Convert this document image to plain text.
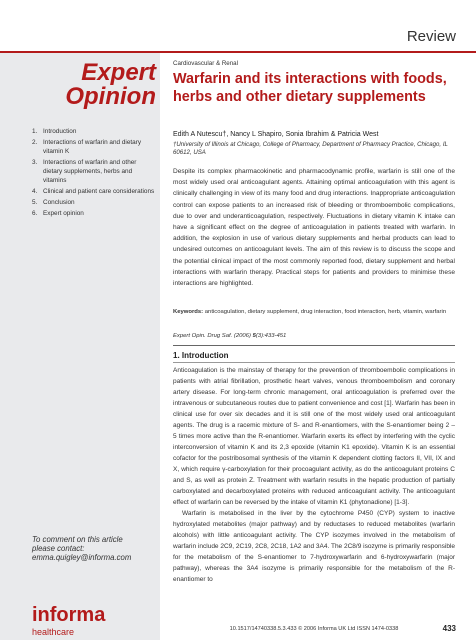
Review
Expert
Opinion
1. Introduction
2. Interactions of warfarin and dietary vitamin K
3. Interactions of warfarin and other dietary supplements, herbs and vitamins
4. Clinical and patient care considerations
5. Conclusion
6. Expert opinion
To comment on this article
please contact:
emma.quigley@informa.com
informa
healthcare
Cardiovascular & Renal
Warfarin and its interactions with foods, herbs and other dietary supplements
Edith A Nutescu†, Nancy L Shapiro, Sonia Ibrahim & Patricia West
†University of Illinois at Chicago, College of Pharmacy, Department of Pharmacy Practice, Chicago, IL 60612, USA

Despite its complex pharmacokinetic and pharmacodynamic profile, warfarin is still one of the most widely used oral anticoagulant agents. Attaining optimal anticoagulation with this agent is clinically challenging in view of its many food and drug interactions. Inappropriate anticoagulation control can expose patients to an increased risk of bleeding or thromboembolic complications, due to over and underanticoagulation, respectively. Fluctuations in dietary vitamin K intake can have a significant effect on the degree of anticoagulation in patients treated with warfarin. In addition, the explosion in use of various dietary supplements and herbal products can lead to undesired outcomes on anticoagulant levels. The aim of this review is to discuss the scope and the potential clinical impact of the most commonly reported food, dietary supplement and herbal interactions with warfarin therapy. Practical steps for patients and providers to minimise these interactions are highlighted.

Keywords: anticoagulation, dietary supplement, drug interaction, food interaction, herb, vitamin, warfarin
Expert Opin. Drug Saf. (2006) 5(3):433-451
1. Introduction

Anticoagulation is the mainstay of therapy for the prevention of thromboembolic complications in patients with atrial fibrillation, prosthetic heart valves, venous thromboembolism and coronary artery disease. For long-term chronic management, oral anticoagulation is preferred over the intravenous or subcutaneous routes due to patient convenience and cost [1]. Warfarin has been in clinical use for over six decades and it is still one of the most widely used oral anticoagulant agents. The drug is a racemic mixture of S- and R-enantiomers, with the S-enantiomer being 2 – 5 times more active than the R-enantiomer. Warfarin exerts its effect by interfering with the cyclic interconversion of vitamin K and its 2,3 epoxide (vitamin K1 epoxide). Vitamin K is an essential cofactor for the postribosomal synthesis of the vitamin K dependent clotting factors II, VII, IX and X, which require γ-carboxylation for their procoagulant activity, as do the anticoagulant proteins C and S, as well as protein Z. Treatment with warfarin results in the hepatic production of partially carboxylated and decarboxylated proteins with reduced anticoagulant activity. The anticoagulant effect of warfarin can be reversed by the intake of vitamin K1 (phytonadione) [1-3].

Warfarin is metabolised in the liver by the cytochrome P450 (CYP) system to inactive hydroxylated metabolites (major pathway) and by reductases to reduced metabolites (warfarin alcohols) with little anticoagulant activity. The CYP isozymes involved in the metabolism of warfarin include 2C9, 2C19, 2C8, 2C18, 1A2 and 3A4. The 2C8/9 isozyme is primarily responsible for the metabolism of the S-enantiomer to 7-hydroxywarfarin and 6-hydroxywarfarin (major pathway), whereas the 3A4 isozyme is primarily responsible for the metabolism of the R-enantiomer to

10.1517/14740338.5.3.433 © 2006 Informa UK Ltd ISSN 1474-0338	433
